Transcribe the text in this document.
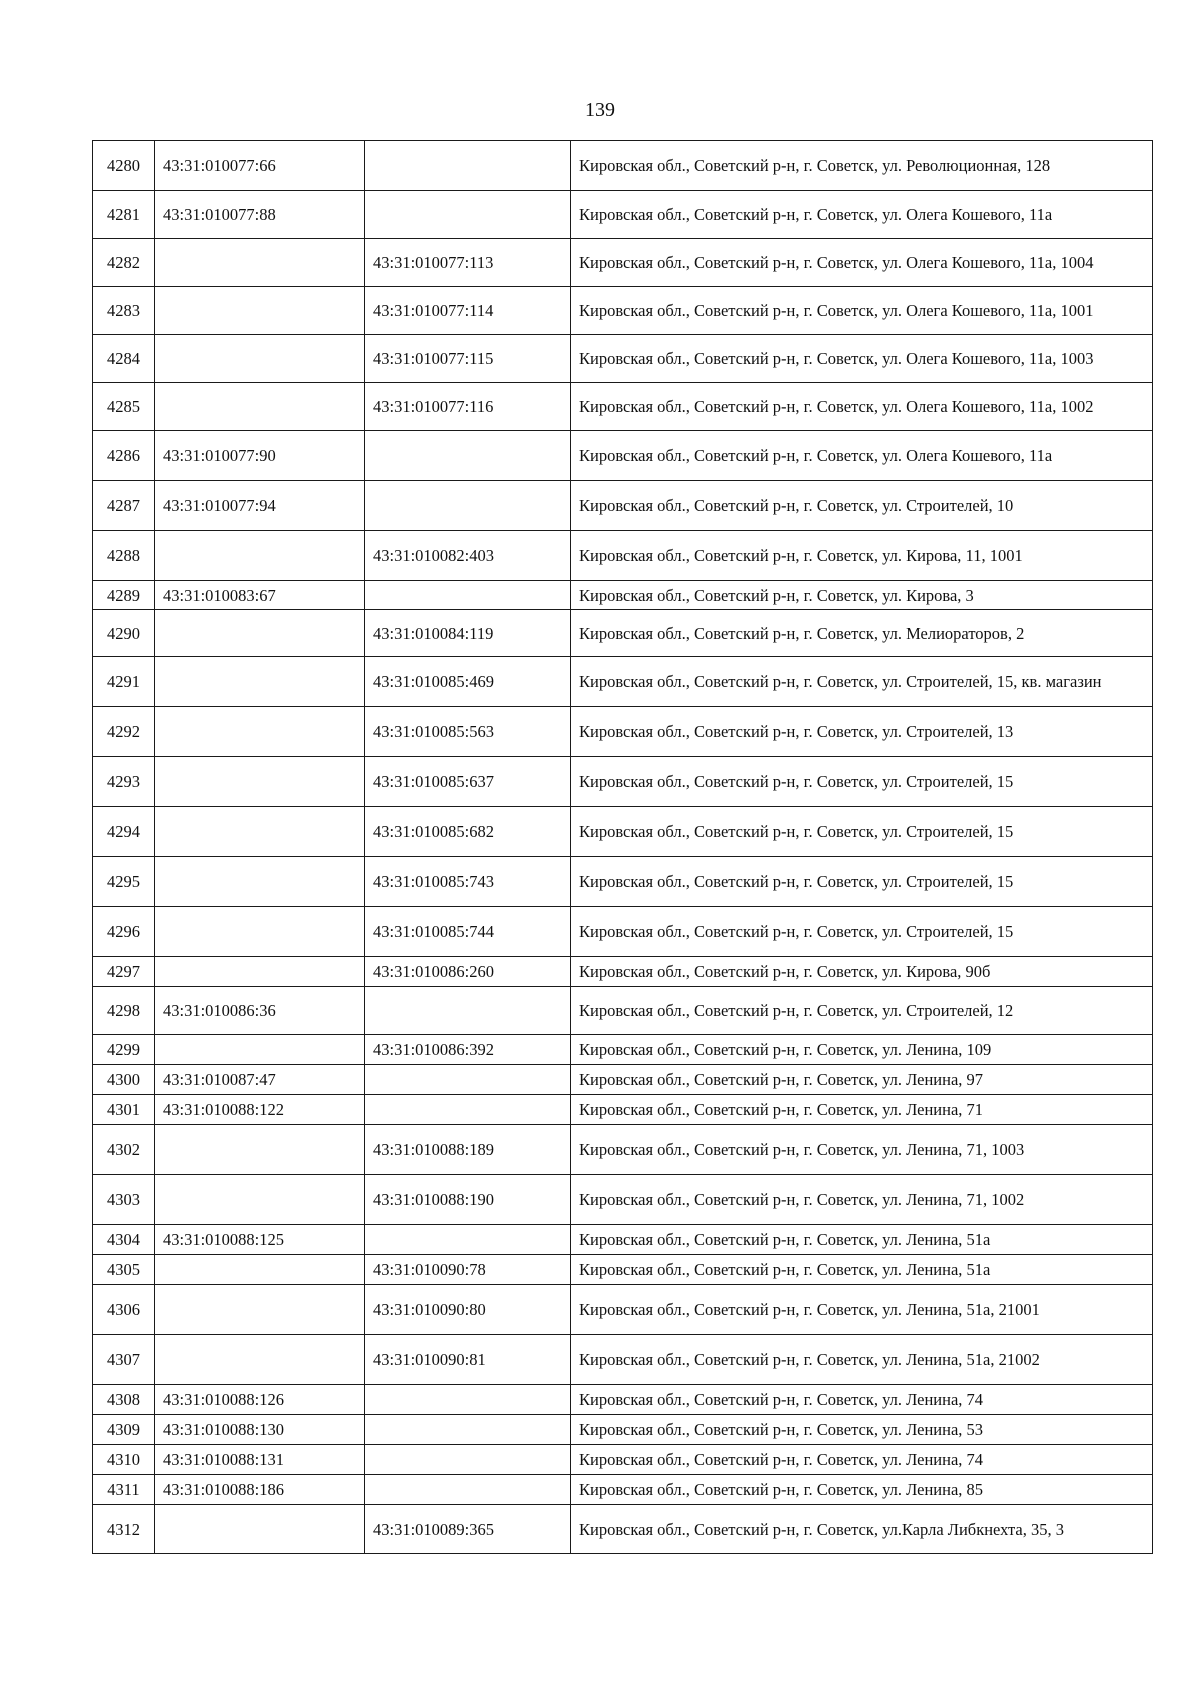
139
4280	43:31:010077:66		Кировская обл., Советский р-н, г. Советск, ул. Революционная, 128
4281	43:31:010077:88		Кировская обл., Советский р-н, г. Советск, ул. Олега Кошевого, 11а
4282		43:31:010077:113	Кировская обл., Советский р-н, г. Советск, ул. Олега Кошевого, 11а, 1004
4283		43:31:010077:114	Кировская обл., Советский р-н, г. Советск, ул. Олега Кошевого, 11а, 1001
4284		43:31:010077:115	Кировская обл., Советский р-н, г. Советск, ул. Олега Кошевого, 11а, 1003
4285		43:31:010077:116	Кировская обл., Советский р-н, г. Советск, ул. Олега Кошевого, 11а, 1002
4286	43:31:010077:90		Кировская обл., Советский р-н, г. Советск, ул. Олега Кошевого, 11а
4287	43:31:010077:94		Кировская обл., Советский р-н, г. Советск, ул. Строителей, 10
4288		43:31:010082:403	Кировская обл., Советский р-н, г. Советск, ул. Кирова, 11, 1001
4289	43:31:010083:67		Кировская обл., Советский р-н, г. Советск, ул. Кирова, 3
4290		43:31:010084:119	Кировская обл., Советский р-н, г. Советск, ул. Мелиораторов, 2
4291		43:31:010085:469	Кировская обл., Советский р-н, г. Советск, ул. Строителей, 15, кв. магазин
4292		43:31:010085:563	Кировская обл., Советский р-н, г. Советск, ул. Строителей, 13
4293		43:31:010085:637	Кировская обл., Советский р-н, г. Советск, ул. Строителей, 15
4294		43:31:010085:682	Кировская обл., Советский р-н, г. Советск, ул. Строителей, 15
4295		43:31:010085:743	Кировская обл., Советский р-н, г. Советск, ул. Строителей, 15
4296		43:31:010085:744	Кировская обл., Советский р-н, г. Советск, ул. Строителей, 15
4297		43:31:010086:260	Кировская обл., Советский р-н, г. Советск, ул. Кирова, 90б
4298	43:31:010086:36		Кировская обл., Советский р-н, г. Советск, ул. Строителей, 12
4299		43:31:010086:392	Кировская обл., Советский р-н, г. Советск, ул. Ленина, 109
4300	43:31:010087:47		Кировская обл., Советский р-н, г. Советск, ул. Ленина, 97
4301	43:31:010088:122		Кировская обл., Советский р-н, г. Советск, ул. Ленина, 71
4302		43:31:010088:189	Кировская обл., Советский р-н, г. Советск, ул. Ленина, 71, 1003
4303		43:31:010088:190	Кировская обл., Советский р-н, г. Советск, ул. Ленина, 71, 1002
4304	43:31:010088:125		Кировская обл., Советский р-н, г. Советск, ул. Ленина, 51а
4305		43:31:010090:78	Кировская обл., Советский р-н, г. Советск, ул. Ленина, 51а
4306		43:31:010090:80	Кировская обл., Советский р-н, г. Советск, ул. Ленина, 51а, 21001
4307		43:31:010090:81	Кировская обл., Советский р-н, г. Советск, ул. Ленина, 51а, 21002
4308	43:31:010088:126		Кировская обл., Советский р-н, г. Советск, ул. Ленина, 74
4309	43:31:010088:130		Кировская обл., Советский р-н, г. Советск, ул. Ленина, 53
4310	43:31:010088:131		Кировская обл., Советский р-н, г. Советск, ул. Ленина, 74
4311	43:31:010088:186		Кировская обл., Советский р-н, г. Советск, ул. Ленина, 85
4312		43:31:010089:365	Кировская обл., Советский р-н, г. Советск, ул.Карла Либкнехта, 35, 3
